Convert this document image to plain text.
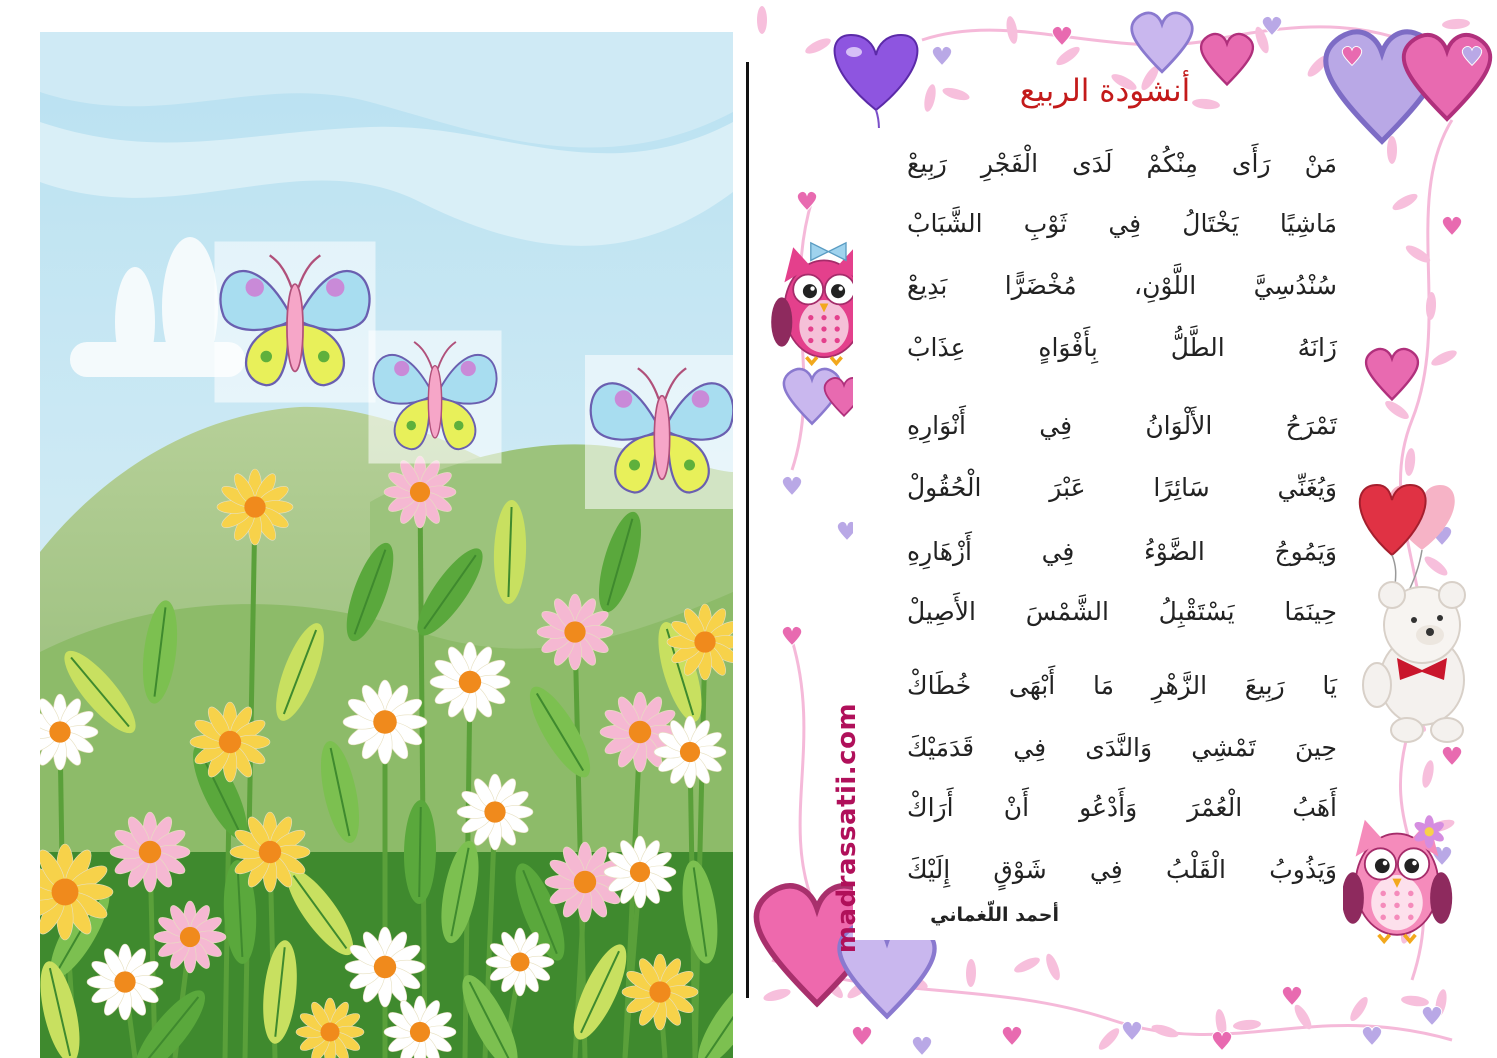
أنشودة الربيع
مَنْ رَأَى مِنْكُمْ لَدَى الْفَجْرِ رَبِيعْ
مَاشِيًا يَخْتَالُ فِي ثَوْبِ الشَّبَابْ
سُنْدُسِيَّ اللَّوْنِ، مُخْضَرًّا بَدِيعْ
زَانَهُ الطَّلُّ بِأَفْوَاهٍ عِذَابْ
تَمْرَحُ الأَلْوَانُ فِي أَنْوَارِهِ
وَيُغَنِّي سَائِرًا عَبْرَ الْحُقُولْ
وَيَمُوجُ الضَّوْءُ فِي أَزْهَارِهِ
حِينَمَا يَسْتَقْبِلُ الشَّمْسَ الأَصِيلْ
يَا رَبِيعَ الزَّهْرِ مَا أَبْهَى خُطَاكْ
حِينَ تَمْشِي وَالنَّدَى فِي قَدَمَيْكَ
أَهَبُ الْعُمْرَ وَأَدْعُو أَنْ أَرَاكْ
وَيَذُوبُ الْقَلْبُ فِي شَوْقٍ إِلَيْكَ
أحمد اللّغماني
madrassatii.com
